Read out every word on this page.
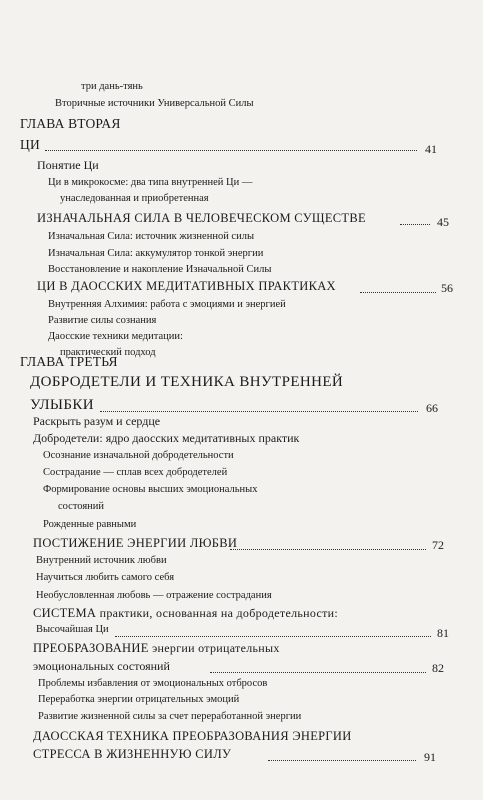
три дань-тянь
Вторичные источники Универсальной Силы
ГЛАВА ВТОРАЯ
ЦИ	41
Понятие Ци
Ци в микрокосме: два типа внутренней Ци —
унаследованная и приобретенная
ИЗНАЧАЛЬНАЯ СИЛА В ЧЕЛОВЕЧЕСКОМ СУЩЕСТВЕ	45
Изначальная Сила: источник жизненной силы
Изначальная Сила: аккумулятор тонкой энергии
Восстановление и накопление Изначальной Силы
ЦИ В ДАОССКИХ МЕДИТАТИВНЫХ ПРАКТИКАХ	56
Внутренняя Алхимия: работа с эмоциями и энергией
Развитие силы сознания
Даосские техники медитации:
практический подход
ГЛАВА ТРЕТЬЯ
ДОБРОДЕТЕЛИ И ТЕХНИКА ВНУТРЕННЕЙ
УЛЫБКИ	66
Раскрыть разум и сердце
Добродетели: ядро даосских медитативных практик
Осознание изначальной добродетельности
Сострадание — сплав всех добродетелей
Формирование основы высших эмоциональных
состояний
Рожденные равными
ПОСТИЖЕНИЕ ЭНЕРГИИ ЛЮБВИ	72
Внутренний источник любви
Научиться любить самого себя
Необусловленная любовь — отражение сострадания
СИСТЕМА практики, основанная на добродетельности:
Высочайшая Ци	81
ПРЕОБРАЗОВАНИЕ энергии отрицательных
эмоциональных состояний	82
Проблемы избавления от эмоциональных отбросов
Переработка энергии отрицательных эмоций
Развитие жизненной силы за счет переработанной энергии
ДАОССКАЯ ТЕХНИКА ПРЕОБРАЗОВАНИЯ ЭНЕРГИИ
СТРЕССА В ЖИЗНЕННУЮ СИЛУ	91
